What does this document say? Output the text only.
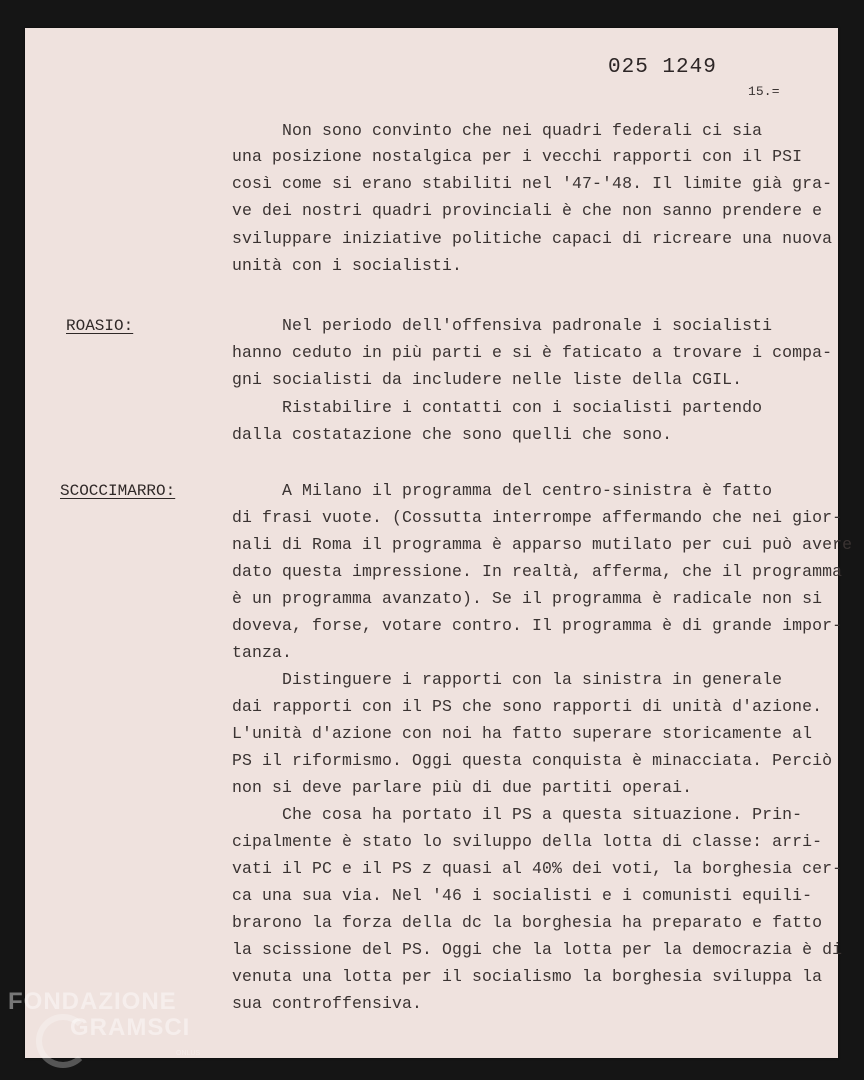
025 1249
15.=
Non sono convinto che nei quadri federali ci sia
una posizione nostalgica per i vecchi rapporti con il PSI
così come si erano stabiliti nel '47-'48. Il limite già gra-
ve dei nostri quadri provinciali è che non sanno prendere e
sviluppare iniziative politiche capaci di ricreare una nuova
unità con i socialisti.
ROASIO:	Nel periodo dell'offensiva padronale i socialisti
hanno ceduto in più parti e si è faticato a trovare i compa-
gni socialisti da includere nelle liste della CGIL.
Ristabilire i contatti con i socialisti partendo
dalla costatazione che sono quelli che sono.
SCOCCIMARRO:	A Milano il programma del centro-sinistra è fatto
di frasi vuote. (Cossutta interrompe affermando che nei gior-
nali di Roma il programma è apparso mutilato per cui può avere
dato questa impressione. In realtà, afferma, che il programma
è un programma avanzato). Se il programma è radicale non si
doveva, forse, votare contro. Il programma è di grande impor-
tanza.
Distinguere i rapporti con la sinistra in generale
dai rapporti con il PS che sono rapporti di unità d'azione.
L'unità d'azione con noi ha fatto superare storicamente al
PS il riformismo. Oggi questa conquista è minacciata. Perciò
non si deve parlare più di due partiti operai.
Che cosa ha portato il PS a questa situazione. Prin-
cipalmente è stato lo sviluppo della lotta di classe: arri-
vati il PC e il PS z quasi al 40% dei voti, la borghesia cer-
ca una sua via. Nel '46 i socialisti e i comunisti equili-
brarono la forza della dc la borghesia ha preparato e fatto
la scissione del PS. Oggi che la lotta per la democrazia è di
venuta una lotta per il socialismo la borghesia sviluppa la
sua controffensiva.
FONDAZIONE
GRAMSCI
ONLUS
